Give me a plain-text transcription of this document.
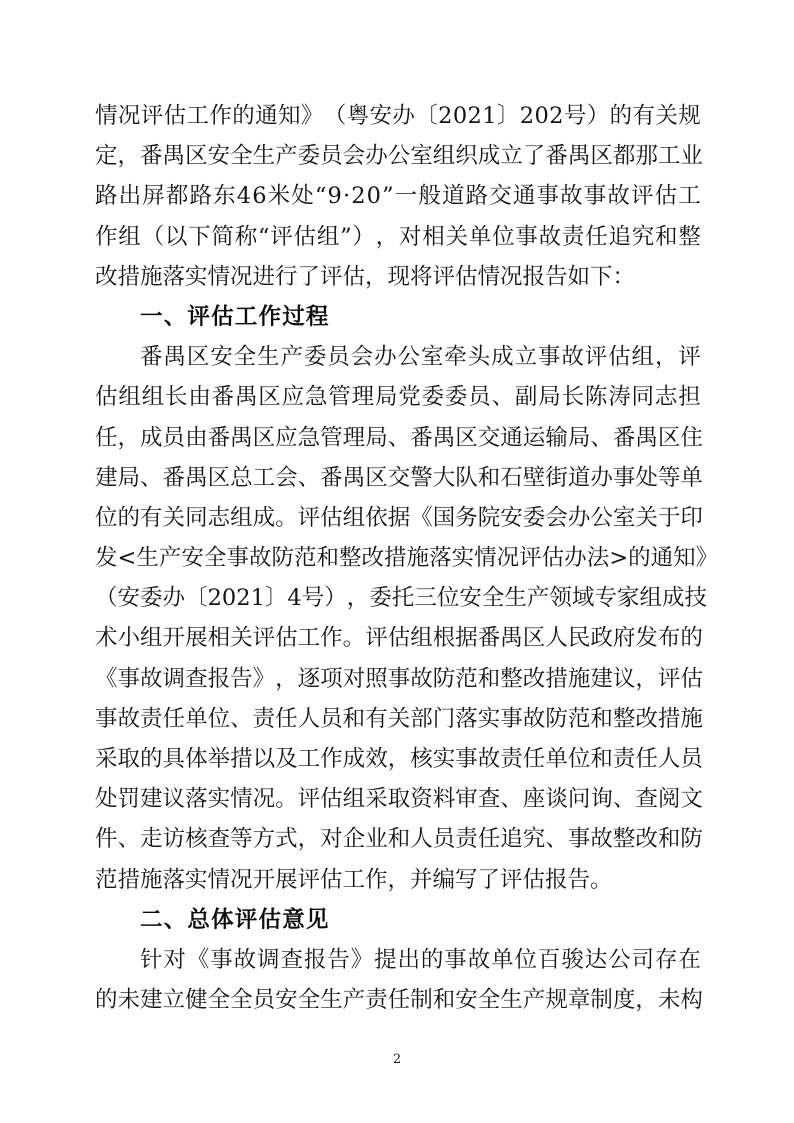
情 况 评 估 工 作 的 通 知 》 （ 粤 安 办 〔 2 0 2 1 〕 2 0 2 号 ） 的 有 关 规
定 ， 番 禺 区 安 全 生 产 委 员 会 办 公 室 组 织 成 立 了 番 禺 区 都 那 工 业
路 出 屏 都 路 东 4 6 米 处 “ 9 · 2 0 ” 一 般 道 路 交 通 事 故 事 故 评 估 工
作 组 （ 以 下 简 称 “ 评 估 组 ” ） ， 对 相 关 单 位 事 故 责 任 追 究 和 整
改措施落实情况进行了评估，现将评估情况报告如下：
一、评估工作过程
番 禺 区 安 全 生 产 委 员 会 办 公 室 牵 头 成 立 事 故 评 估 组 ， 评
估 组 组 长 由 番 禺 区 应 急 管 理 局 党 委 委 员 、 副 局 长 陈 涛 同 志 担
任 ， 成 员 由 番 禺 区 应 急 管 理 局 、 番 禺 区 交 通 运 输 局 、 番 禺 区 住
建 局 、 番 禺 区 总 工 会 、 番 禺 区 交 警 大 队 和 石 壁 街 道 办 事 处 等 单
位 的 有 关 同 志 组 成 。 评 估 组 依 据 《 国 务 院 安 委 会 办 公 室 关 于 印
发 < 生 产 安 全 事 故 防 范 和 整 改 措 施 落 实 情 况 评 估 办 法 > 的 通 知 》
（ 安 委 办 〔 2 0 2 1 〕 4 号 ） ， 委 托 三 位 安 全 生 产 领 域 专 家 组 成 技
术 小 组 开 展 相 关 评 估 工 作 。 评 估 组 根 据 番 禺 区 人 民 政 府 发 布 的
《 事 故 调 查 报 告 》 ， 逐 项 对 照 事 故 防 范 和 整 改 措 施 建 议 ， 评 估
事 故 责 任 单 位 、 责 任 人 员 和 有 关 部 门 落 实 事 故 防 范 和 整 改 措 施
采 取 的 具 体 举 措 以 及 工 作 成 效 ， 核 实 事 故 责 任 单 位 和 责 任 人 员
处 罚 建 议 落 实 情 况 。 评 估 组 采 取 资 料 审 查 、 座 谈 问 询 、 查 阅 文
件 、 走 访 核 查 等 方 式 ， 对 企 业 和 人 员 责 任 追 究 、 事 故 整 改 和 防
范措施落实情况开展评估工作，并编写了评估报告。
二、总体评估意见
针 对 《 事 故 调 查 报 告 》 提 出 的 事 故 单 位 百 骏 达 公 司 存 在
的 未 建 立 健 全 全 员 安 全 生 产 责 任 制 和 安 全 生 产 规 章 制 度 ， 未 构
2
